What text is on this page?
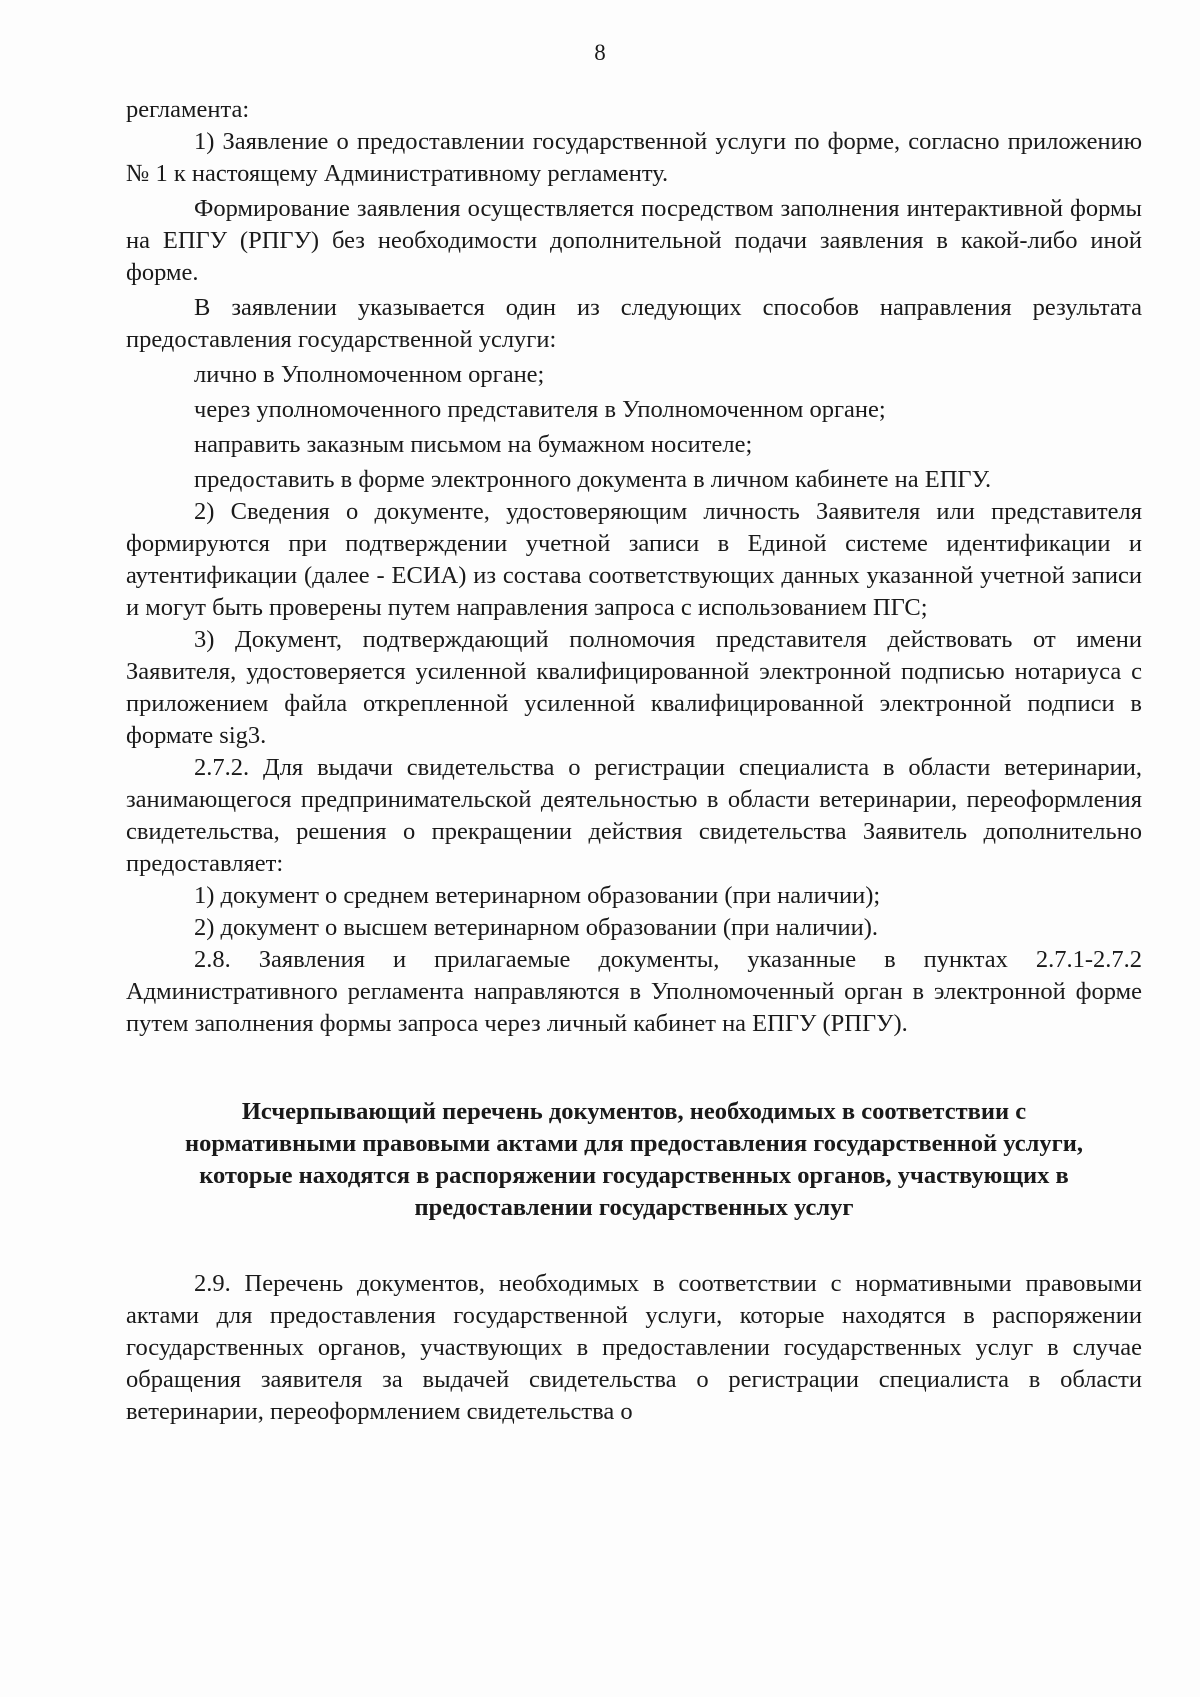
8

регламента:

1) Заявление о предоставлении государственной услуги по форме, согласно приложению № 1 к настоящему Административному регламенту.

Формирование заявления осуществляется посредством заполнения интерактивной формы на ЕПГУ (РПГУ) без необходимости дополнительной подачи заявления в какой-либо иной форме.

В заявлении указывается один из следующих способов направления результата предоставления государственной услуги:

лично в Уполномоченном органе;

через уполномоченного представителя в Уполномоченном органе;

направить заказным письмом на бумажном носителе;

предоставить в форме электронного документа в личном кабинете на ЕПГУ.

2) Сведения о документе, удостоверяющим личность Заявителя или представителя формируются при подтверждении учетной записи в Единой системе идентификации и аутентификации (далее - ЕСИА) из состава соответствующих данных указанной учетной записи и могут быть проверены путем направления запроса с использованием ПГС;

3) Документ, подтверждающий полномочия представителя действовать от имени Заявителя, удостоверяется усиленной квалифицированной электронной подписью нотариуса с приложением файла открепленной усиленной квалифицированной электронной подписи в формате sig3.

2.7.2. Для выдачи свидетельства о регистрации специалиста в области ветеринарии, занимающегося предпринимательской деятельностью в области ветеринарии, переоформления свидетельства, решения о прекращении действия свидетельства Заявитель дополнительно предоставляет:

1) документ о среднем ветеринарном образовании (при наличии);

2) документ о высшем ветеринарном образовании (при наличии).

2.8. Заявления и прилагаемые документы, указанные в пунктах 2.7.1-2.7.2 Административного регламента направляются в Уполномоченный орган в электронной форме путем заполнения формы запроса через личный кабинет на ЕПГУ (РПГУ).

Исчерпывающий перечень документов, необходимых в соответствии с нормативными правовыми актами для предоставления государственной услуги, которые находятся в распоряжении государственных органов, участвующих в предоставлении государственных услуг

2.9. Перечень документов, необходимых в соответствии с нормативными правовыми актами для предоставления государственной услуги, которые находятся в распоряжении государственных органов, участвующих в предоставлении государственных услуг в случае обращения заявителя за выдачей свидетельства о регистрации специалиста в области ветеринарии, переоформлением свидетельства о
